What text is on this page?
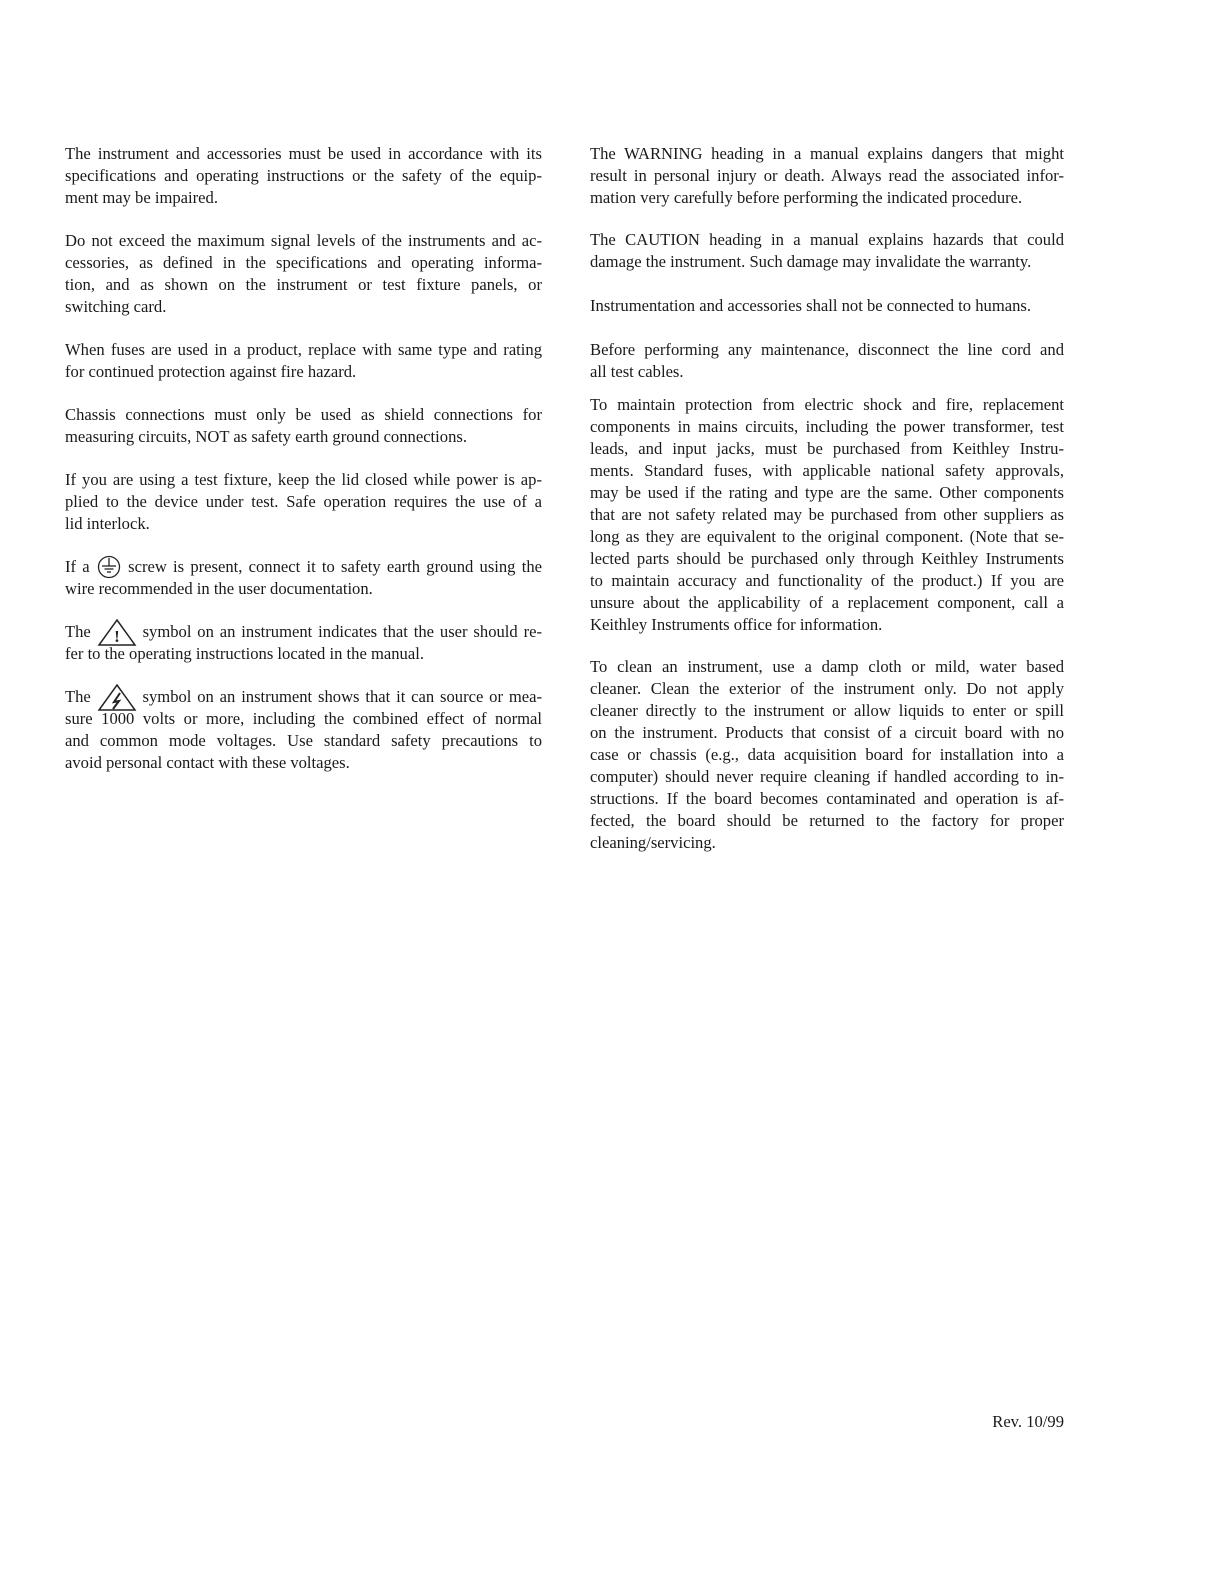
The instrument and accessories must be used in accordance with its
specifications and operating instructions or the safety of the equip-
ment may be impaired.
Do not exceed the maximum signal levels of the instruments and ac-
cessories, as defined in the specifications and operating informa-
tion, and as shown on the instrument or test fixture panels, or
switching card.
When fuses are used in a product, replace with same type and rating
for continued protection against fire hazard.
Chassis connections must only be used as shield connections for
measuring circuits, NOT as safety earth ground connections.
If you are using a test fixture, keep the lid closed while power is ap-
plied to the device under test. Safe operation requires the use of a
lid interlock.
If a screw is present, connect it to safety earth ground using the
wire recommended in the user documentation.
The ! symbol on an instrument indicates that the user should re-
fer to the operating instructions located in the manual.
The	symbol on an instrument shows that it can source or mea-
sure 1000 volts or more, including the combined effect of normal
and common mode voltages. Use standard safety precautions to
avoid personal contact with these voltages.
The WARNING heading in a manual explains dangers that might
result in personal injury or death. Always read the associated infor-
mation very carefully before performing the indicated procedure.
The CAUTION heading in a manual explains hazards that could
damage the instrument. Such damage may invalidate the warranty.
Instrumentation and accessories shall not be connected to humans.
Before performing any maintenance, disconnect the line cord and
all test cables.
To maintain protection from electric shock and fire, replacement
components in mains circuits, including the power transformer, test
leads, and input jacks, must be purchased from Keithley Instru-
ments. Standard fuses, with applicable national safety approvals,
may be used if the rating and type are the same. Other components
that are not safety related may be purchased from other suppliers as
long as they are equivalent to the original component. (Note that se-
lected parts should be purchased only through Keithley Instruments
to maintain accuracy and functionality of the product.) If you are
unsure about the applicability of a replacement component, call a
Keithley Instruments office for information.
To clean an instrument, use a damp cloth or mild, water based
cleaner. Clean the exterior of the instrument only. Do not apply
cleaner directly to the instrument or allow liquids to enter or spill
on the instrument. Products that consist of a circuit board with no
case or chassis (e.g., data acquisition board for installation into a
computer) should never require cleaning if handled according to in-
structions. If the board becomes contaminated and operation is af-
fected, the board should be returned to the factory for proper
cleaning/servicing.
Rev. 10/99
